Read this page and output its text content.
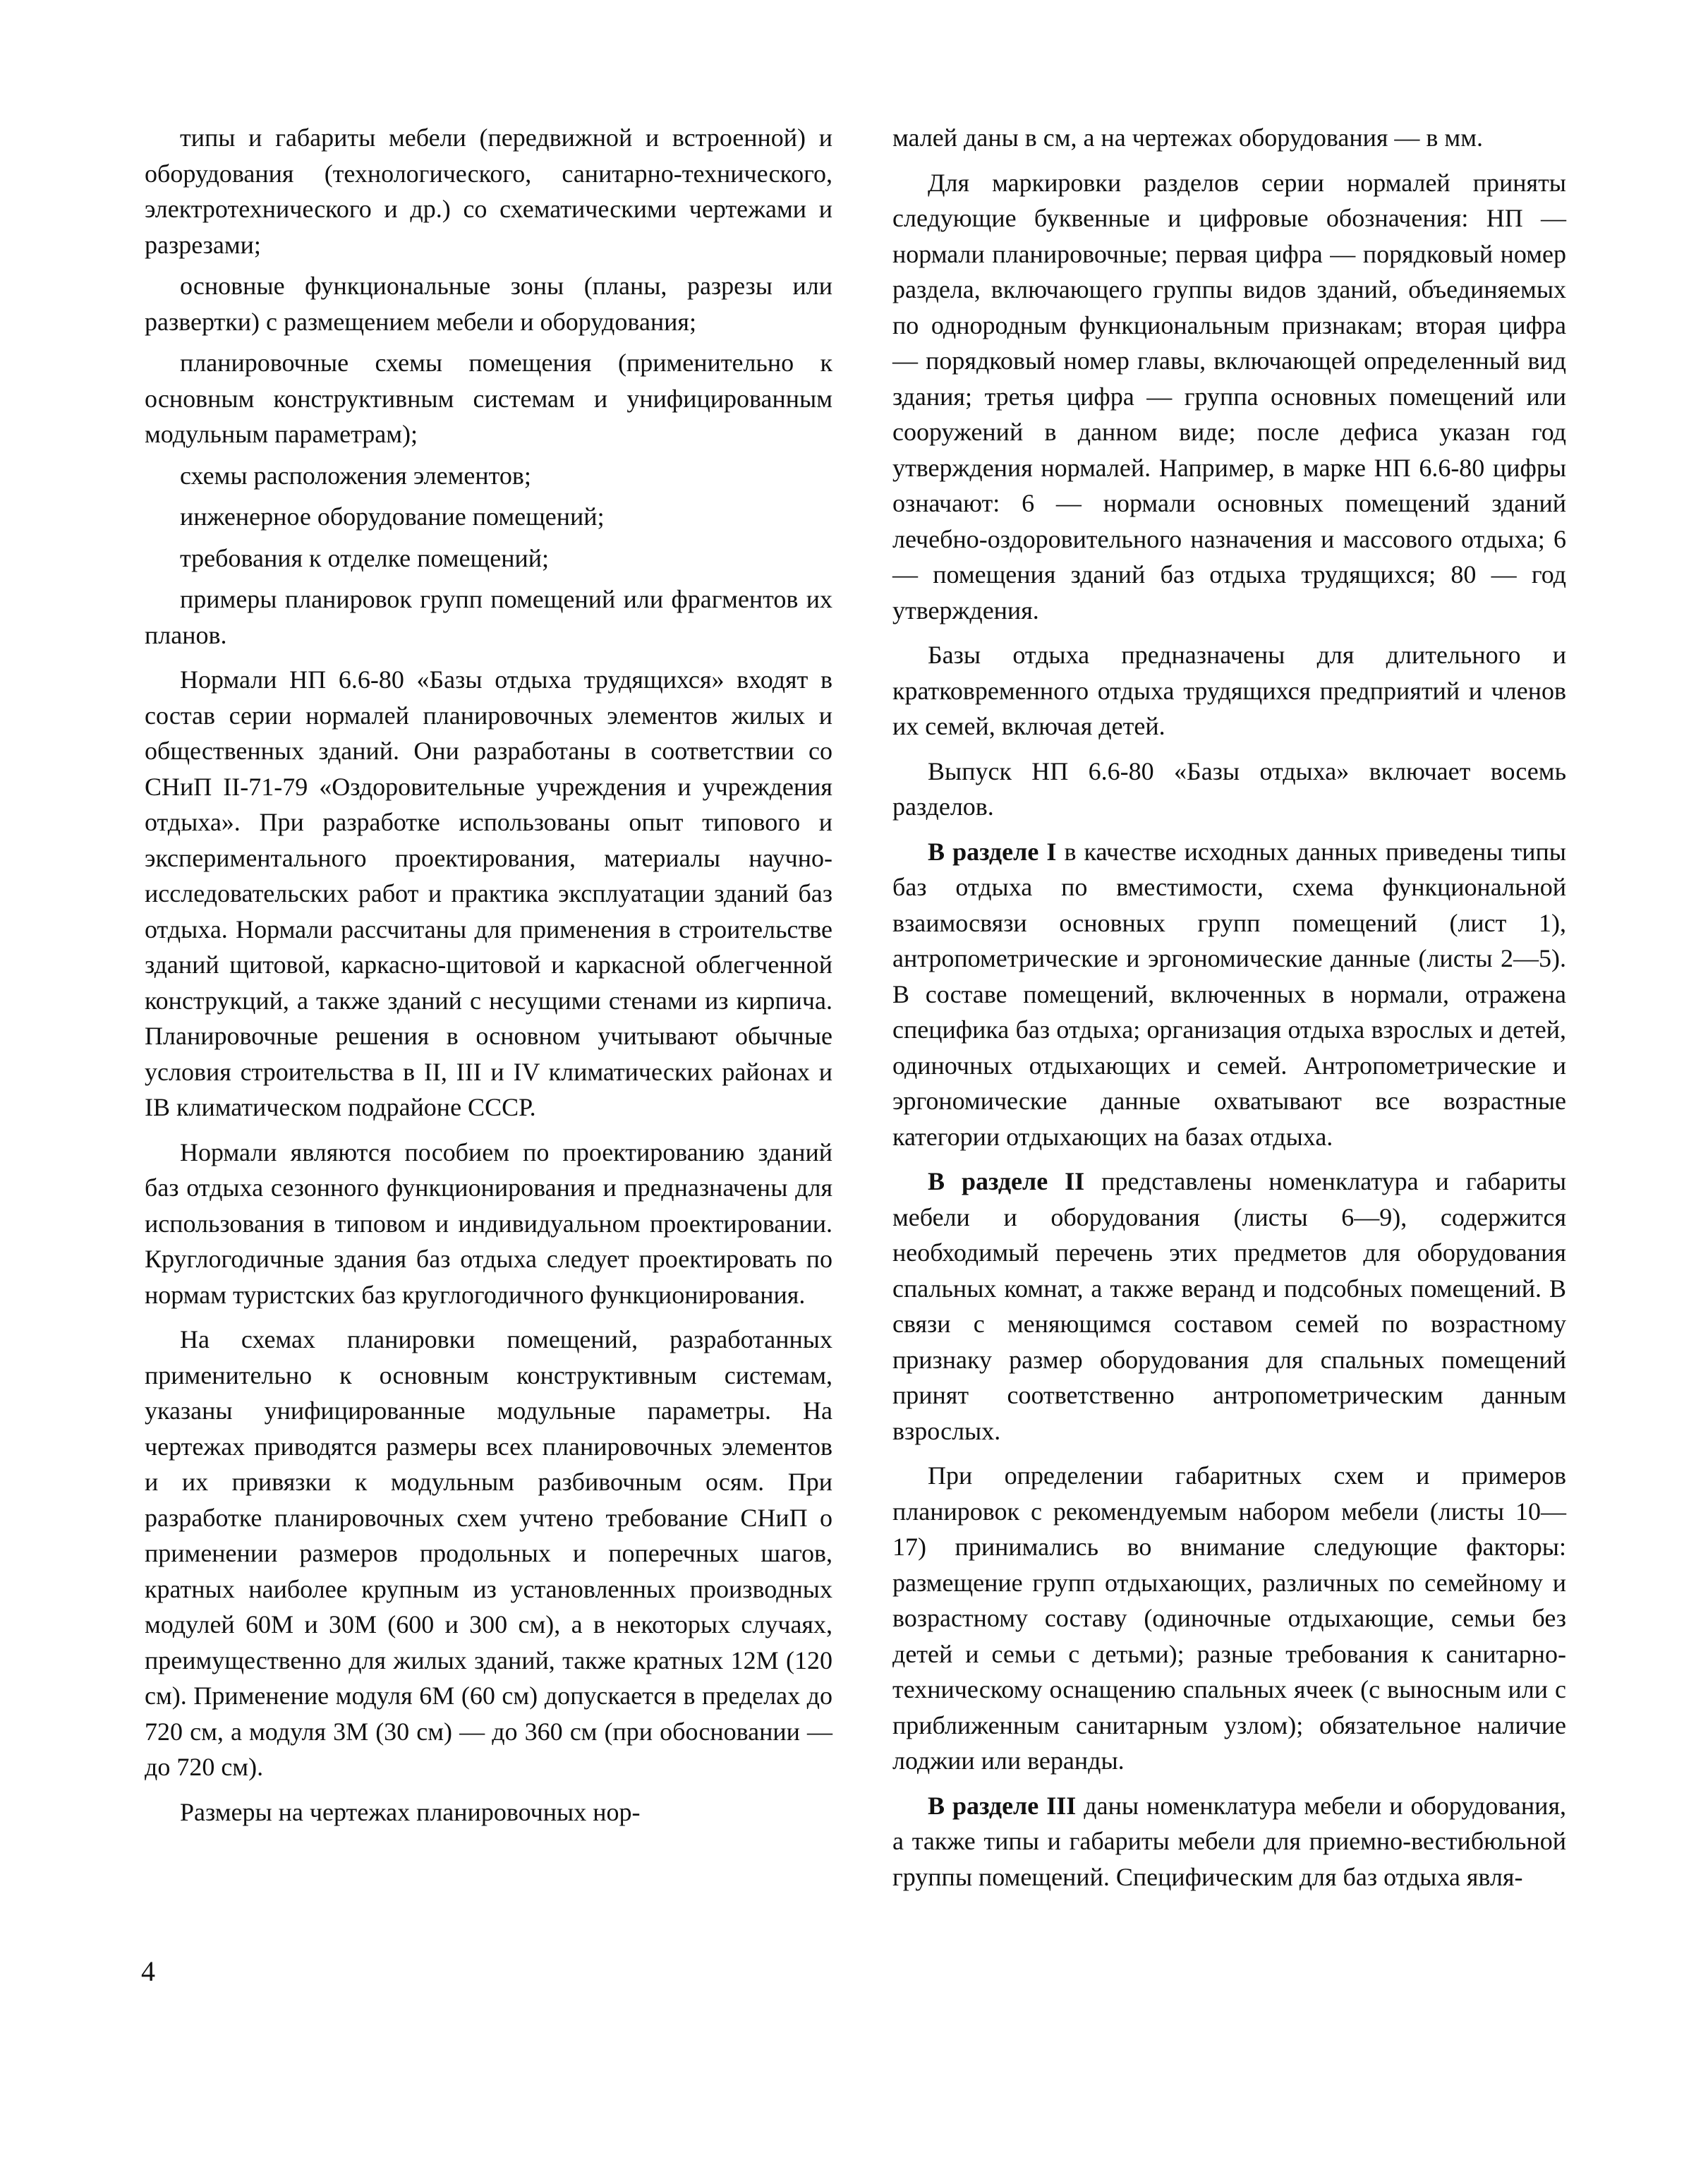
типы и габариты мебели (передвижной и встроенной) и оборудования (технологического, санитарно-технического, электротехнического и др.) со схематическими чертежами и разрезами;

основные функциональные зоны (планы, разрезы или развертки) с размещением мебели и оборудования;

планировочные схемы помещения (применительно к основным конструктивным системам и унифицированным модульным параметрам);

схемы расположения элементов;

инженерное оборудование помещений;

требования к отделке помещений;

примеры планировок групп помещений или фрагментов их планов.

Нормали НП 6.6-80 «Базы отдыха трудящихся» входят в состав серии нормалей планировочных элементов жилых и общественных зданий. Они разработаны в соответствии со СНиП II-71-79 «Оздоровительные учреждения и учреждения отдыха». При разработке использованы опыт типового и экспериментального проектирования, материалы научно-исследовательских работ и практика эксплуатации зданий баз отдыха. Нормали рассчитаны для применения в строительстве зданий щитовой, каркасно-щитовой и каркасной облегченной конструкций, а также зданий с несущими стенами из кирпича. Планировочные решения в основном учитывают обычные условия строительства в II, III и IV климатических районах и IВ климатическом подрайоне СССР.

Нормали являются пособием по проектированию зданий баз отдыха сезонного функционирования и предназначены для использования в типовом и индивидуальном проектировании. Круглогодичные здания баз отдыха следует проектировать по нормам туристских баз круглогодичного функционирования.

На схемах планировки помещений, разработанных применительно к основным конструктивным системам, указаны унифицированные модульные параметры. На чертежах приводятся размеры всех планировочных элементов и их привязки к модульным разбивочным осям. При разработке планировочных схем учтено требование СНиП о применении размеров продольных и поперечных шагов, кратных наиболее крупным из установленных производных модулей 60М и 30М (600 и 300 см), а в некоторых случаях, преимущественно для жилых зданий, также кратных 12М (120 см). Применение модуля 6М (60 см) допускается в пределах до 720 см, а модуля 3М (30 см) — до 360 см (при обосновании — до 720 см).

Размеры на чертежах планировочных нор-

малей даны в см, а на чертежах оборудования — в мм.

Для маркировки разделов серии нормалей приняты следующие буквенные и цифровые обозначения: НП — нормали планировочные; первая цифра — порядковый номер раздела, включающего группы видов зданий, объединяемых по однородным функциональным признакам; вторая цифра — порядковый номер главы, включающей определенный вид здания; третья цифра — группа основных помещений или сооружений в данном виде; после дефиса указан год утверждения нормалей. Например, в марке НП 6.6-80 цифры означают: 6 — нормали основных помещений зданий лечебно-оздоровительного назначения и массового отдыха; 6 — помещения зданий баз отдыха трудящихся; 80 — год утверждения.

Базы отдыха предназначены для длительного и кратковременного отдыха трудящихся предприятий и членов их семей, включая детей.

Выпуск НП 6.6-80 «Базы отдыха» включает восемь разделов.

В разделе I в качестве исходных данных приведены типы баз отдыха по вместимости, схема функциональной взаимосвязи основных групп помещений (лист 1), антропометрические и эргономические данные (листы 2—5). В составе помещений, включенных в нормали, отражена специфика баз отдыха; организация отдыха взрослых и детей, одиночных отдыхающих и семей. Антропометрические и эргономические данные охватывают все возрастные категории отдыхающих на базах отдыха.

В разделе II представлены номенклатура и габариты мебели и оборудования (листы 6—9), содержится необходимый перечень этих предметов для оборудования спальных комнат, а также веранд и подсобных помещений. В связи с меняющимся составом семей по возрастному признаку размер оборудования для спальных помещений принят соответственно антропометрическим данным взрослых.

При определении габаритных схем и примеров планировок с рекомендуемым набором мебели (листы 10—17) принимались во внимание следующие факторы: размещение групп отдыхающих, различных по семейному и возрастному составу (одиночные отдыхающие, семьи без детей и семьи с детьми); разные требования к санитарно-техническому оснащению спальных ячеек (с выносным или с приближенным санитарным узлом); обязательное наличие лоджии или веранды.

В разделе III даны номенклатура мебели и оборудования, а также типы и габариты мебели для приемно-вестибюльной группы помещений. Специфическим для баз отдыха явля-

4
